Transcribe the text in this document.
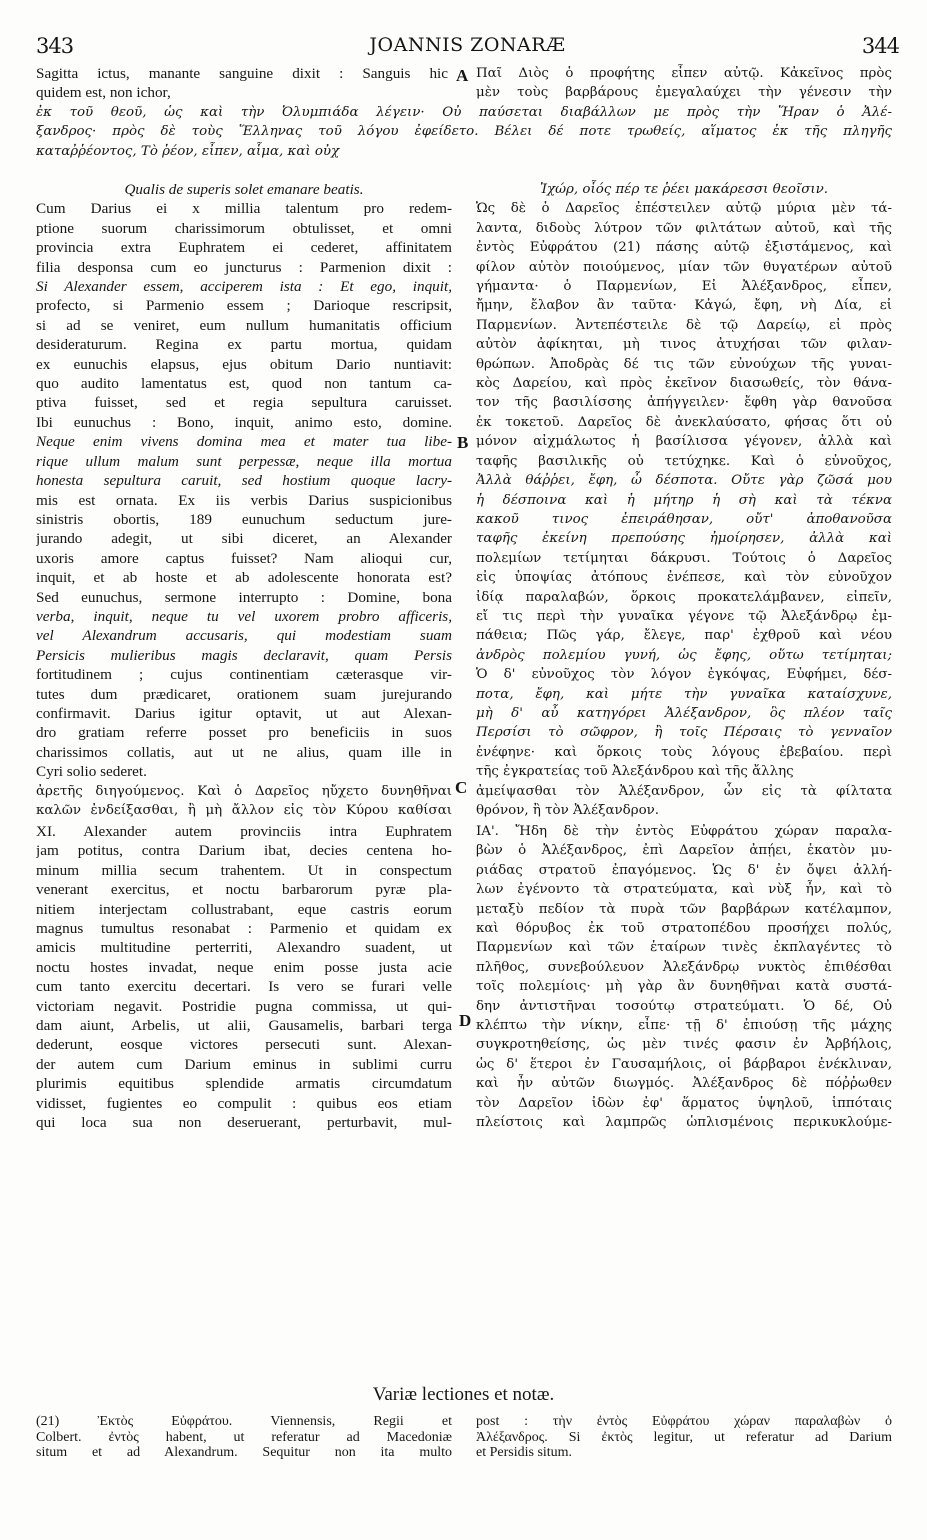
343	JOANNIS ZONARÆ	344
Sagitta ictus, manante sanguine dixit : Sanguis hic
quidem est, non ichor,
A Παῖ Διὸς ὁ προφήτης εἶπεν αὐτῷ. Κἀκεῖνος πρὸς
μὲν τοὺς βαρβάρους ἐμεγαλαύχει τὴν γένεσιν τὴν
ἐκ τοῦ θεοῦ, ὡς καὶ τὴν Ὀλυμπιάδα λέγειν· Οὐ παύσεται διαβάλλων με πρὸς τὴν Ἥραν ὁ Ἀλέ-
ξανδρος· πρὸς δὲ τοὺς Ἕλληνας τοῦ λόγου ἐφείδετο. Βέλει δέ ποτε τρωθείς, αἵματος ἐκ τῆς πληγῆς
καταῤῥέοντος, Τὸ ῥέον, εἶπεν, αἷμα, καὶ οὐχ
Qualis de superis solet emanare beatis.
Cum Darius ei x millia talentum pro redem-
ptione suorum charissimorum obtulisset, et omni
provincia extra Euphratem ei cederet, affinitatem
filia desponsa cum eo juncturus : Parmenion dixit :
Si Alexander essem, acciperem ista : Et ego, inquit,
profecto, si Parmenio essem ; Darioque rescripsit,
si ad se veniret, eum nullum humanitatis officium
desideraturum. Regina ex partu mortua, quidam
ex eunuchis elapsus, ejus obitum Dario nuntiavit:
quo audito lamentatus est, quod non tantum ca-
ptiva fuisset, sed et regia sepultura caruisset.
Ibi eunuchus : Bono, inquit, animo esto, domine.
Neque enim vivens domina mea et mater tua libe-
rique ullum malum sunt perpessæ, neque illa mortua
honesta sepultura caruit, sed hostium quoque lacry-
mis est ornata. Ex iis verbis Darius suspicionibus
sinistris obortis, 189 eunuchum seductum jure-
jurando adegit, ut sibi diceret, an Alexander
uxoris amore captus fuisset? Nam alioqui cur,
inquit, et ab hoste et ab adolescente honorata est?
Sed eunuchus, sermone interrupto : Domine, bona
verba, inquit, neque tu vel uxorem probro afficeris,
vel Alexandrum accusaris, qui modestiam suam
Persicis mulieribus magis declaravit, quam Persis
fortitudinem ; cujus continentiam cæterasque vir-
tutes dum prædicaret, orationem suam jurejurando
confirmavit. Darius igitur optavit, ut aut Alexan-
dro gratiam referre posset pro beneficiis in suos
charissimos collatis, aut ut ne alius, quam ille in
Cyri solio sederet.
B
C
Ἰχώρ, οἷός πέρ τε ῥέει μακάρεσσι θεοῖσιν.
Ὡς δὲ ὁ Δαρεῖος ἐπέστειλεν αὐτῷ μύρια μὲν τά-
λαντα, διδοὺς λύτρον τῶν φιλτάτων αὐτοῦ, καὶ τῆς
ἐντὸς Εὐφράτου (21) πάσης αὐτῷ ἐξιστάμενος, καὶ
φίλον αὐτὸν ποιούμενος, μίαν τῶν θυγατέρων αὐτοῦ
γήμαντα· ὁ Παρμενίων, Εἰ Ἀλέξανδρος, εἶπεν,
ἤμην, ἔλαβον ἂν ταῦτα· Κἀγώ, ἔφη, νὴ Δία, εἰ
Παρμενίων. Ἀντεπέστειλε δὲ τῷ Δαρείῳ, εἰ πρὸς
αὐτὸν ἀφίκηται, μὴ τινος ἀτυχήσαι τῶν φιλαν-
θρώπων. Ἀποδρὰς δέ τις τῶν εὐνούχων τῆς γυναι-
κὸς Δαρείου, καὶ πρὸς ἐκεῖνον διασωθείς, τὸν θάνα-
τον τῆς βασιλίσσης ἀπήγγειλεν· ἔφθη γὰρ θανοῦσα
ἐκ τοκετοῦ. Δαρεῖος δὲ ἀνεκλαύσατο, φήσας ὅτι οὐ
μόνον αἰχμάλωτος ἡ βασίλισσα γέγονεν, ἀλλὰ καὶ
ταφῆς βασιλικῆς οὐ τετύχηκε. Καὶ ὁ εὐνοῦχος,
Ἀλλὰ θάῤῥει, ἔφη, ὦ δέσποτα. Οὔτε γὰρ ζῶσά μου
ἡ δέσποινα καὶ ἡ μήτηρ ἡ σὴ καὶ τὰ τέκνα
κακοῦ τινος ἐπειράθησαν, οὔτ' ἀποθανοῦσα
ταφῆς ἐκείνη πρεπούσης ἠμοίρησεν, ἀλλὰ καὶ
πολεμίων τετίμηται δάκρυσι. Τούτοις ὁ Δαρεῖος
εἰς ὑποψίας ἀτόπους ἐνέπεσε, καὶ τὸν εὐνοῦχον
ἰδίᾳ παραλαβών, ὅρκοις προκατελάμβανεν, εἰπεῖν,
εἴ τις περὶ τὴν γυναῖκα γέγονε τῷ Ἀλεξάνδρῳ ἐμ-
πάθεια; Πῶς γάρ, ἔλεγε, παρ' ἐχθροῦ καὶ νέου
ἀνδρὸς πολεμίου γυνή, ὡς ἔφης, οὕτω τετίμηται;
Ὁ δ' εὐνοῦχος τὸν λόγον ἐγκόψας, Εὐφήμει, δέσ-
ποτα, ἔφη, καὶ μήτε τὴν γυναῖκα καταίσχυνε,
μὴ δ' αὖ κατηγόρει Ἀλέξανδρον, ὃς πλέον ταῖς
Περσίσι τὸ σῶφρον, ἢ τοῖς Πέρσαις τὸ γενναῖον
ἐνέφηνε· καὶ ὅρκοις τοὺς λόγους ἐβεβαίου. περὶ
τῆς ἐγκρατείας τοῦ Ἀλεξάνδρου καὶ τῆς ἄλλης
ἀρετῆς διηγούμενος. Καὶ ὁ Δαρεῖος ηὔχετο δυνηθῆναι
καλῶν ἐνδείξασθαι, ἢ μὴ ἄλλον εἰς τὸν Κύρου καθίσαι
ἀμείψασθαι τὸν Ἀλέξανδρον, ὧν εἰς τὰ φίλτατα
θρόνον, ἢ τὸν Ἀλέξανδρον.
XI. Alexander autem provinciis intra Euphratem
jam potitus, contra Darium ibat, decies centena ho-
minum millia secum trahentem. Ut in conspectum
venerant exercitus, et noctu barbarorum pyræ pla-
nitiem interjectam collustrabant, eque castris eorum
magnus tumultus resonabat : Parmenio et quidam ex
amicis multitudine perterriti, Alexandro suadent, ut
noctu hostes invadat, neque enim posse justa acie
cum tanto exercitu decertari. Is vero se furari velle
victoriam negavit. Postridie pugna commissa, ut qui-
dam aiunt, Arbelis, ut alii, Gausamelis, barbari terga
dederunt, eosque victores persecuti sunt. Alexan-
der autem cum Darium eminus in sublimi curru
plurimis equitibus splendide armatis circumdatum
vidisset, fugientes eo compulit : quibus eos etiam
qui loca sua non deseruerant, perturbavit, mul-
D
ΙΑ'. Ἤδη δὲ τὴν ἐντὸς Εὐφράτου χώραν παραλα-
βὼν ὁ Ἀλέξανδρος, ἐπὶ Δαρεῖον ἀπῄει, ἑκατὸν μυ-
ριάδας στρατοῦ ἐπαγόμενος. Ὡς δ' ἐν ὄψει ἀλλή-
λων ἐγένοντο τὰ στρατεύματα, καὶ νὺξ ἦν, καὶ τὸ
μεταξὺ πεδίον τὰ πυρὰ τῶν βαρβάρων κατέλαμπον,
καὶ θόρυβος ἐκ τοῦ στρατοπέδου προσήχει πολύς,
Παρμενίων καὶ τῶν ἑταίρων τινὲς ἐκπλαγέντες τὸ
πλῆθος, συνεβούλευον Ἀλεξάνδρῳ νυκτὸς ἐπιθέσθαι
τοῖς πολεμίοις· μὴ γὰρ ἂν δυνηθῆναι κατὰ συστά-
δην ἀντιστῆναι τοσούτῳ στρατεύματι. Ὁ δέ, Οὐ
κλέπτω τὴν νίκην, εἶπε· τῇ δ' ἐπιούσῃ τῆς μάχης
συγκροτηθείσης, ὡς μὲν τινές φασιν ἐν Ἀρβήλοις,
ὡς δ' ἕτεροι ἐν Γαυσαμήλοις, οἱ βάρβαροι ἐνέκλιναν,
καὶ ἦν αὐτῶν διωγμός. Ἀλέξανδρος δὲ πόῤῥωθεν
τὸν Δαρεῖον ἰδὼν ἐφ' ἅρματος ὑψηλοῦ, ἱππόταις
πλείστοις καὶ λαμπρῶς ὡπλισμένοις περικυκλούμε-
Variæ lectiones et notæ.
(21) Ἐκτὸς Εὐφράτου. Viennensis, Regii et
Colbert. ἐντὸς habent, ut referatur ad Macedoniæ
situm et ad Alexandrum. Sequitur non ita multo
post : τὴν ἐντὸς Εὐφράτου χώραν παραλαβὼν ὁ
Ἀλέξανδρος. Si ἐκτὸς legitur, ut referatur ad Darium
et Persidis situm.
